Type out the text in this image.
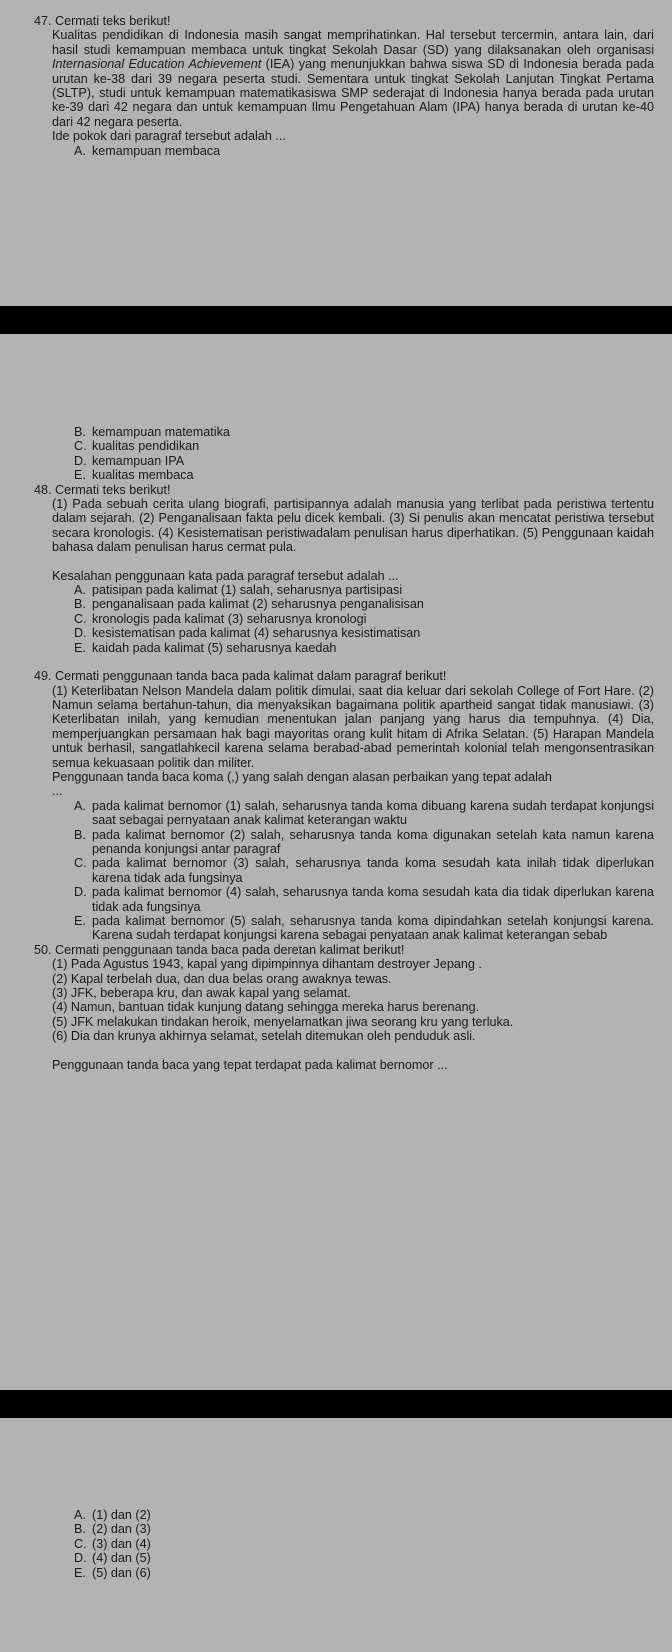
47. Cermati teks berikut!
Kualitas pendidikan di Indonesia masih sangat memprihatinkan. Hal tersebut tercermin, antara lain, dari hasil studi kemampuan membaca untuk tingkat Sekolah Dasar (SD) yang dilaksanakan oleh organisasi Internasional Education Achievement (IEA) yang menunjukkan bahwa siswa SD di Indonesia berada pada urutan ke-38 dari 39 negara peserta studi. Sementara untuk tingkat Sekolah Lanjutan Tingkat Pertama (SLTP), studi untuk kemampuan matematikasiswa SMP sederajat di Indonesia hanya berada pada urutan ke-39 dari 42 negara dan untuk kemampuan Ilmu Pengetahuan Alam (IPA) hanya berada di urutan ke-40 dari 42 negara peserta.
Ide pokok dari paragraf tersebut adalah ...
A. kemampuan membaca
B. kemampuan matematika
C. kualitas pendidikan
D. kemampuan IPA
E. kualitas membaca
48. Cermati teks berikut!
(1) Pada sebuah cerita ulang biografi, partisipannya adalah manusia yang terlibat pada peristiwa tertentu dalam sejarah. (2) Penganalisaan fakta pelu dicek kembali. (3) Si penulis akan mencatat peristiwa tersebut secara kronologis. (4) Kesistematisan peristiwadalam penulisan harus diperhatikan. (5) Penggunaan kaidah bahasa dalam penulisan harus cermat pula.
Kesalahan penggunaan kata pada paragraf tersebut adalah ...
A. patisipan pada kalimat (1) salah, seharusnya partisipasi
B. penganalisaan pada kalimat (2) seharusnya penganalisisan
C. kronologis pada kalimat (3) seharusnya kronologi
D. kesistematisan pada kalimat (4) seharusnya kesistimatisan
E. kaidah pada kalimat (5) seharusnya kaedah
49. Cermati penggunaan tanda baca pada kalimat dalam paragraf berikut!
(1) Keterlibatan Nelson Mandela dalam politik dimulai, saat dia keluar dari sekolah College of Fort Hare. (2) Namun selama bertahun-tahun, dia menyaksikan bagaimana politik apartheid sangat tidak manusiawi. (3) Keterlibatan inilah, yang kemudian menentukan jalan panjang yang harus dia tempuhnya. (4) Dia, memperjuangkan persamaan hak bagi mayoritas orang kulit hitam di Afrika Selatan. (5) Harapan Mandela untuk berhasil, sangatlahkecil karena selama berabad-abad pemerintah kolonial telah mengonsentrasikan semua kekuasaan politik dan militer.
Penggunaan tanda baca koma (,) yang salah dengan alasan perbaikan yang tepat adalah
...
A. pada kalimat bernomor (1) salah, seharusnya tanda koma dibuang karena sudah terdapat konjungsi saat sebagai pernyataan anak kalimat keterangan waktu
B. pada kalimat bernomor (2) salah, seharusnya tanda koma digunakan setelah kata namun karena penanda konjungsi antar paragraf
C. pada kalimat bernomor (3) salah, seharusnya tanda koma sesudah kata inilah tidak diperlukan karena tidak ada fungsinya
D. pada kalimat bernomor (4) salah, seharusnya tanda koma sesudah kata dia tidak diperlukan karena tidak ada fungsinya
E. pada kalimat bernomor (5) salah, seharusnya tanda koma dipindahkan setelah konjungsi karena. Karena sudah terdapat konjungsi karena sebagai penyataan anak kalimat keterangan sebab
50. Cermati penggunaan tanda baca pada deretan kalimat berikut!
(1) Pada Agustus 1943, kapal yang dipimpinnya dihantam destroyer Jepang .
(2) Kapal terbelah dua, dan dua belas orang awaknya tewas.
(3) JFK, beberapa kru, dan awak kapal yang selamat.
(4) Namun, bantuan tidak kunjung datang sehingga mereka harus berenang.
(5) JFK melakukan tindakan heroik, menyelamatkan jiwa seorang kru yang terluka.
(6) Dia dan krunya akhirnya selamat, setelah ditemukan oleh penduduk asli.
Penggunaan tanda baca yang tepat terdapat pada kalimat bernomor ...
A. (1) dan (2)
B. (2) dan (3)
C. (3) dan (4)
D. (4) dan (5)
E. (5) dan (6)
